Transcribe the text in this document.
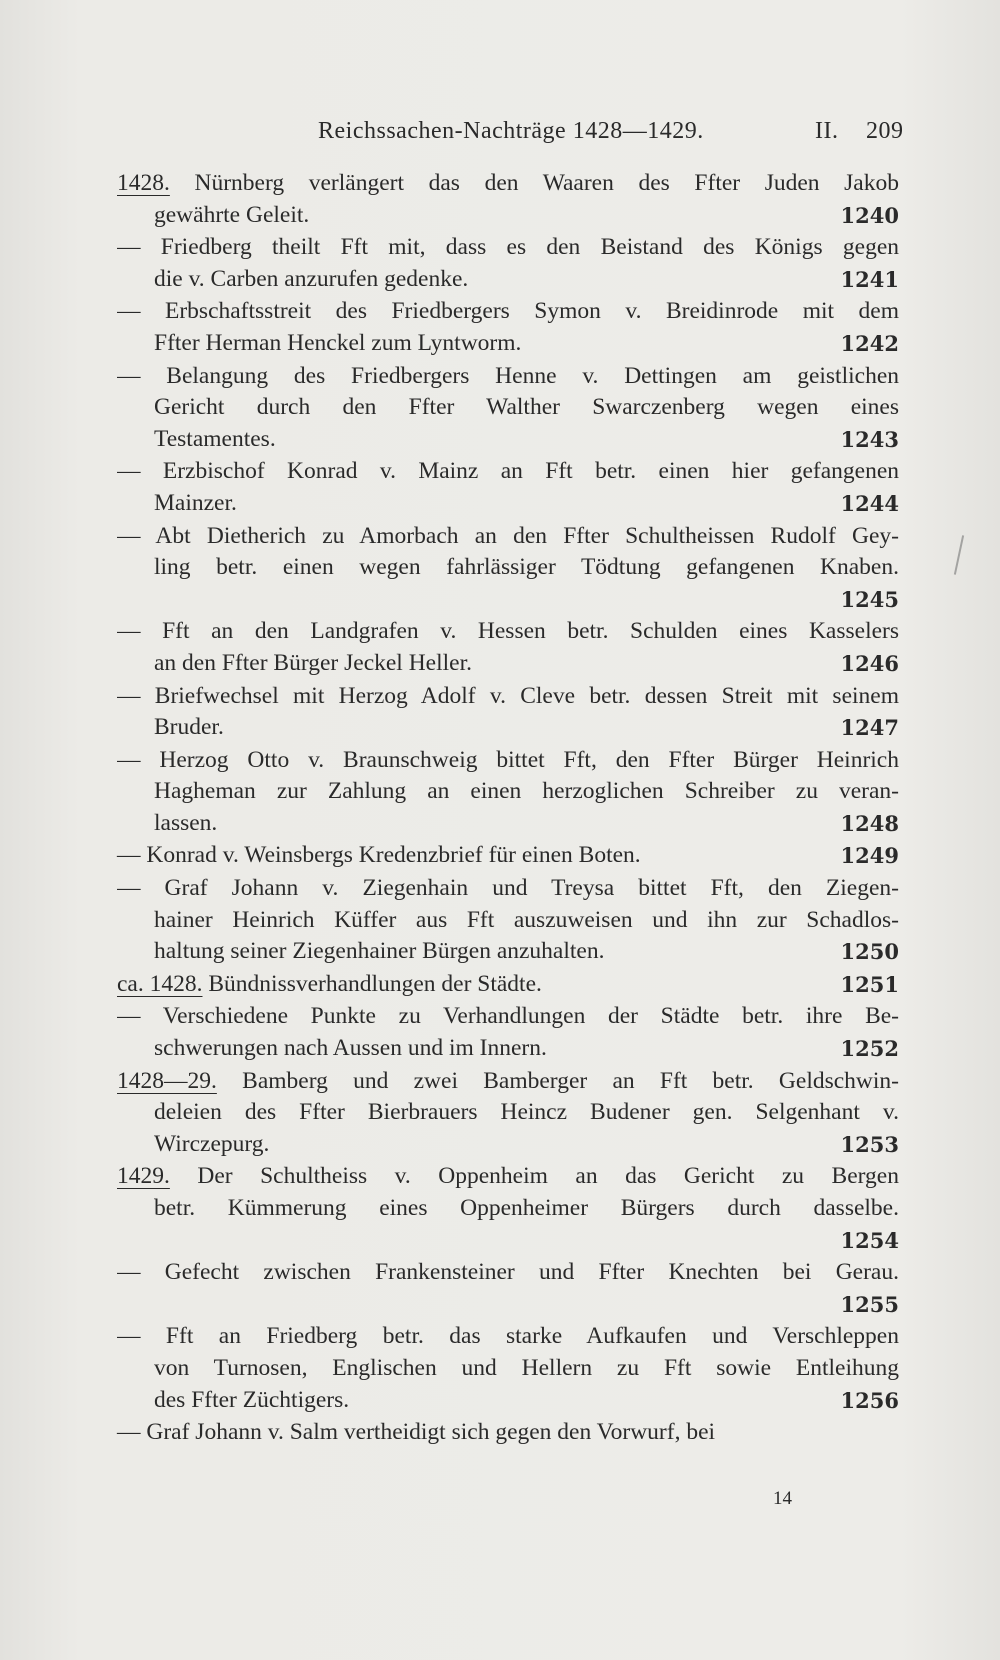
Reichssachen-Nachträge 1428—1429.	II. 209
1428. Nürnberg verlängert das den Waaren des Ffter Juden Jakob
gewährte Geleit.	1240
— Friedberg theilt Fft mit, dass es den Beistand des Königs gegen
die v. Carben anzurufen gedenke.	1241
— Erbschaftsstreit des Friedbergers Symon v. Breidinrode mit dem
Ffter Herman Henckel zum Lyntworm.	1242
— Belangung des Friedbergers Henne v. Dettingen am geistlichen
Gericht durch den Ffter Walther Swarczenberg wegen eines
Testamentes.	1243
— Erzbischof Konrad v. Mainz an Fft betr. einen hier gefangenen
Mainzer.	1244
— Abt Dietherich zu Amorbach an den Ffter Schultheissen Rudolf Gey-
ling betr. einen wegen fahrlässiger Tödtung gefangenen Knaben.
1245
— Fft an den Landgrafen v. Hessen betr. Schulden eines Kasselers
an den Ffter Bürger Jeckel Heller.	1246
— Briefwechsel mit Herzog Adolf v. Cleve betr. dessen Streit mit seinem
Bruder.	1247
— Herzog Otto v. Braunschweig bittet Fft, den Ffter Bürger Heinrich
Hagheman zur Zahlung an einen herzoglichen Schreiber zu veran-
lassen.	1248
— Konrad v. Weinsbergs Kredenzbrief für einen Boten.	1249
— Graf Johann v. Ziegenhain und Treysa bittet Fft, den Ziegen-
hainer Heinrich Küffer aus Fft auszuweisen und ihn zur Schadlos-
haltung seiner Ziegenhainer Bürgen anzuhalten.	1250
ca. 1428. Bündnissverhandlungen der Städte.	1251
— Verschiedene Punkte zu Verhandlungen der Städte betr. ihre Be-
schwerungen nach Aussen und im Innern.	1252
1428—29. Bamberg und zwei Bamberger an Fft betr. Geldschwin-
deleien des Ffter Bierbrauers Heincz Budener gen. Selgenhant v.
Wirczepurg.	1253
1429. Der Schultheiss v. Oppenheim an das Gericht zu Bergen
betr. Kümmerung eines Oppenheimer Bürgers durch dasselbe.
1254
— Gefecht zwischen Frankensteiner und Ffter Knechten bei Gerau.
1255
— Fft an Friedberg betr. das starke Aufkaufen und Verschleppen
von Turnosen, Englischen und Hellern zu Fft sowie Entleihung
des Ffter Züchtigers.	1256
— Graf Johann v. Salm vertheidigt sich gegen den Vorwurf, bei
14
